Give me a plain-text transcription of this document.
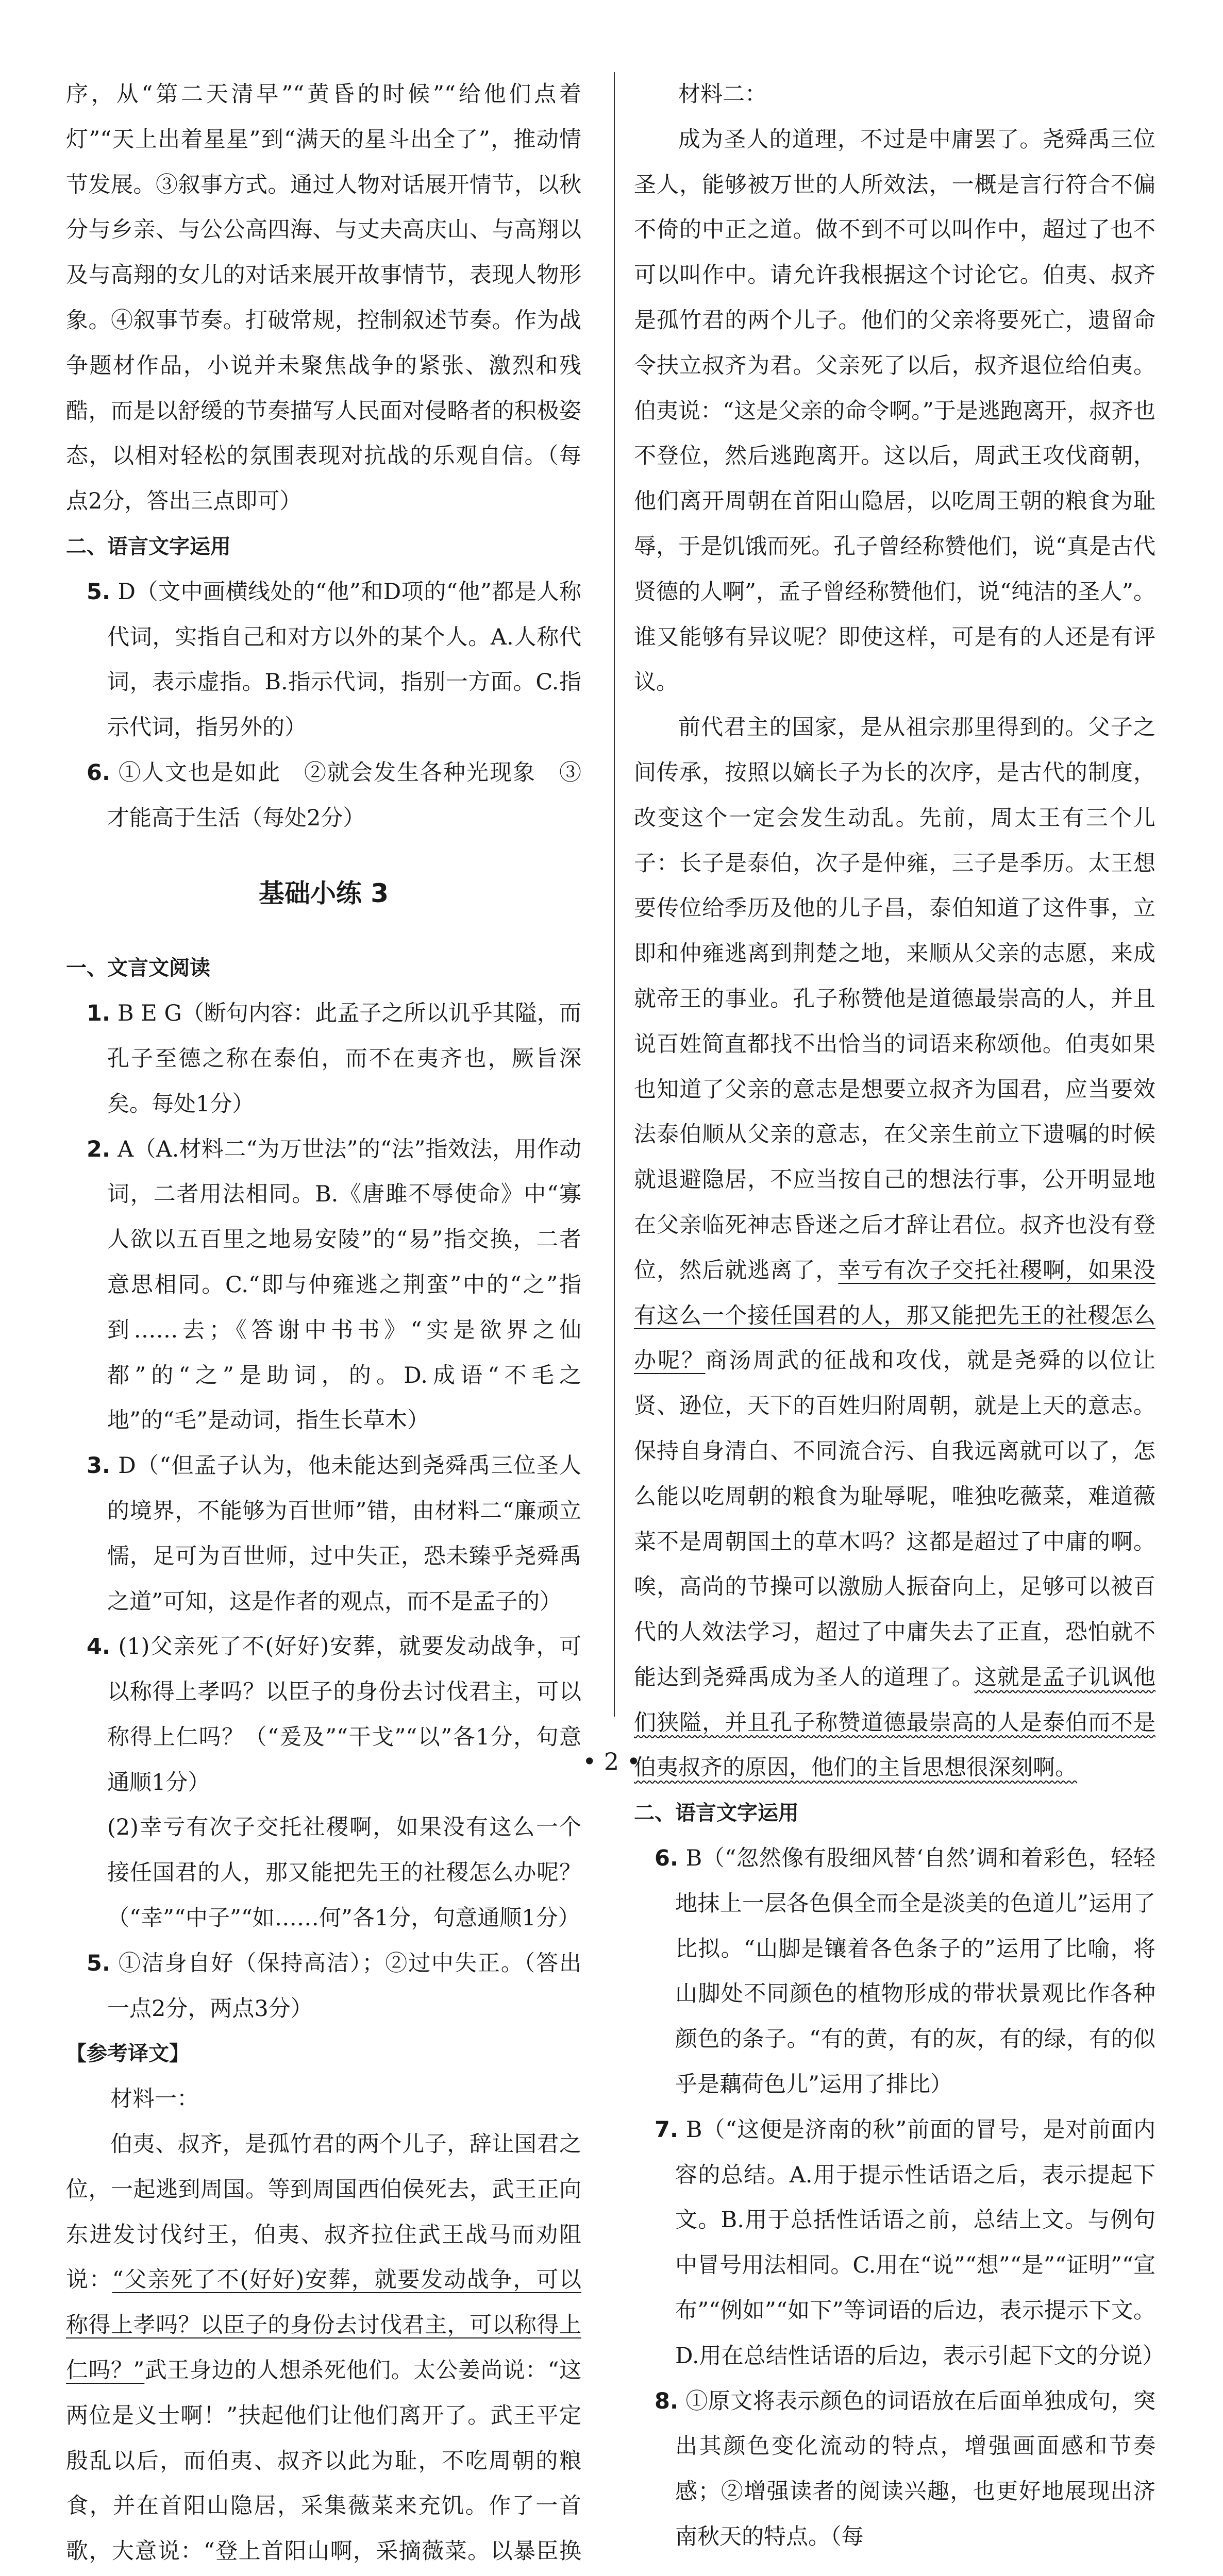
序，从“第二天清早”“黄昏的时候”“给他们点着灯”“天上出着星星”到“满天的星斗出全了”，推动情节发展。③叙事方式。通过人物对话展开情节，以秋分与乡亲、与公公高四海、与丈夫高庆山、与高翔以及与高翔的女儿的对话来展开故事情节，表现人物形象。④叙事节奏。打破常规，控制叙述节奏。作为战争题材作品，小说并未聚焦战争的紧张、激烈和残酷，而是以舒缓的节奏描写人民面对侵略者的积极姿态，以相对轻松的氛围表现对抗战的乐观自信。（每点2分，答出三点即可）

二、语言文字运用

5. D（文中画横线处的“他”和D项的“他”都是人称代词，实指自己和对方以外的某个人。A.人称代词，表示虚指。B.指示代词，指别一方面。C.指示代词，指另外的）

6. ①人文也是如此　②就会发生各种光现象　③才能高于生活（每处2分）

基础小练 3

一、文言文阅读

1. B E G（断句内容：此孟子之所以讥乎其隘，而孔子至德之称在泰伯，而不在夷齐也，厥旨深矣。每处1分）

2. A（A.材料二“为万世法”的“法”指效法，用作动词，二者用法相同。B.《唐雎不辱使命》中“寡人欲以五百里之地易安陵”的“易”指交换，二者意思相同。C.“即与仲雍逃之荆蛮”中的“之”指到……去；《答谢中书书》“实是欲界之仙都”的“之”是助词，的。D.成语“不毛之地”的“毛”是动词，指生长草木）

3. D（“但孟子认为，他未能达到尧舜禹三位圣人的境界，不能够为百世师”错，由材料二“廉顽立懦，足可为百世师，过中失正，恐未臻乎尧舜禹之道”可知，这是作者的观点，而不是孟子的）

4. (1)父亲死了不(好好)安葬，就要发动战争，可以称得上孝吗？以臣子的身份去讨伐君主，可以称得上仁吗？（“爰及”“干戈”“以”各1分，句意通顺1分）

(2)幸亏有次子交托社稷啊，如果没有这么一个接任国君的人，那又能把先王的社稷怎么办呢？（“幸”“中子”“如……何”各1分，句意通顺1分）

5. ①洁身自好（保持高洁）；②过中失正。（答出一点2分，两点3分）

【参考译文】

材料一：

伯夷、叔齐，是孤竹君的两个儿子，辞让国君之位，一起逃到周国。等到周国西伯侯死去，武王正向东进发讨伐纣王，伯夷、叔齐拉住武王战马而劝阻说：“父亲死了不(好好)安葬，就要发动战争，可以称得上孝吗？以臣子的身份去讨伐君主，可以称得上仁吗？”武王身边的人想杀死他们。太公姜尚说：“这两位是义士啊！”扶起他们让他们离开了。武王平定殷乱以后，而伯夷、叔齐以此为耻，不吃周朝的粮食，并在首阳山隐居，采集薇菜来充饥。作了一首歌，大意说：“登上首阳山啊，采摘薇菜。以暴臣换

材料二：

成为圣人的道理，不过是中庸罢了。尧舜禹三位圣人，能够被万世的人所效法，一概是言行符合不偏不倚的中正之道。做不到不可以叫作中，超过了也不可以叫作中。请允许我根据这个讨论它。伯夷、叔齐是孤竹君的两个儿子。他们的父亲将要死亡，遗留命令扶立叔齐为君。父亲死了以后，叔齐退位给伯夷。伯夷说：“这是父亲的命令啊。”于是逃跑离开，叔齐也不登位，然后逃跑离开。这以后，周武王攻伐商朝，他们离开周朝在首阳山隐居，以吃周王朝的粮食为耻辱，于是饥饿而死。孔子曾经称赞他们，说“真是古代贤德的人啊”，孟子曾经称赞他们，说“纯洁的圣人”。谁又能够有异议呢？即使这样，可是有的人还是有评议。

前代君主的国家，是从祖宗那里得到的。父子之间传承，按照以嫡长子为长的次序，是古代的制度，改变这个一定会发生动乱。先前，周太王有三个儿子：长子是泰伯，次子是仲雍，三子是季历。太王想要传位给季历及他的儿子昌，泰伯知道了这件事，立即和仲雍逃离到荆楚之地，来顺从父亲的志愿，来成就帝王的事业。孔子称赞他是道德最崇高的人，并且说百姓简直都找不出恰当的词语来称颂他。伯夷如果也知道了父亲的意志是想要立叔齐为国君，应当要效法泰伯顺从父亲的意志，在父亲生前立下遗嘱的时候就退避隐居，不应当按自己的想法行事，公开明显地在父亲临死神志昏迷之后才辞让君位。叔齐也没有登位，然后就逃离了，幸亏有次子交托社稷啊，如果没有这么一个接任国君的人，那又能把先王的社稷怎么办呢？商汤周武的征战和攻伐，就是尧舜的以位让贤、逊位，天下的百姓归附周朝，就是上天的意志。保持自身清白、不同流合污、自我远离就可以了，怎么能以吃周朝的粮食为耻辱呢，唯独吃薇菜，难道薇菜不是周朝国土的草木吗？这都是超过了中庸的啊。唉，高尚的节操可以激励人振奋向上，足够可以被百代的人效法学习，超过了中庸失去了正直，恐怕就不能达到尧舜禹成为圣人的道理了。这就是孟子讥讽他们狭隘，并且孔子称赞道德最崇高的人是泰伯而不是伯夷叔齐的原因，他们的主旨思想很深刻啊。

二、语言文字运用

6. B（“忽然像有股细风替‘自然’调和着彩色，轻轻地抹上一层各色俱全而全是淡美的色道儿”运用了比拟。“山脚是镶着各色条子的”运用了比喻，将山脚处不同颜色的植物形成的带状景观比作各种颜色的条子。“有的黄，有的灰，有的绿，有的似乎是藕荷色儿”运用了排比）

7. B（“这便是济南的秋”前面的冒号，是对前面内容的总结。A.用于提示性话语之后，表示提起下文。B.用于总括性话语之前，总结上文。与例句中冒号用法相同。C.用在“说”“想”“是”“证明”“宣布”“例如”“如下”等词语的后边，表示提示下文。D.用在总结性话语的后边，表示引起下文的分说）

8. ①原文将表示颜色的词语放在后面单独成句，突出其颜色变化流动的特点，增强画面感和节奏感；②增强读者的阅读兴趣，也更好地展现出济南秋天的特点。（每

• 2 •
